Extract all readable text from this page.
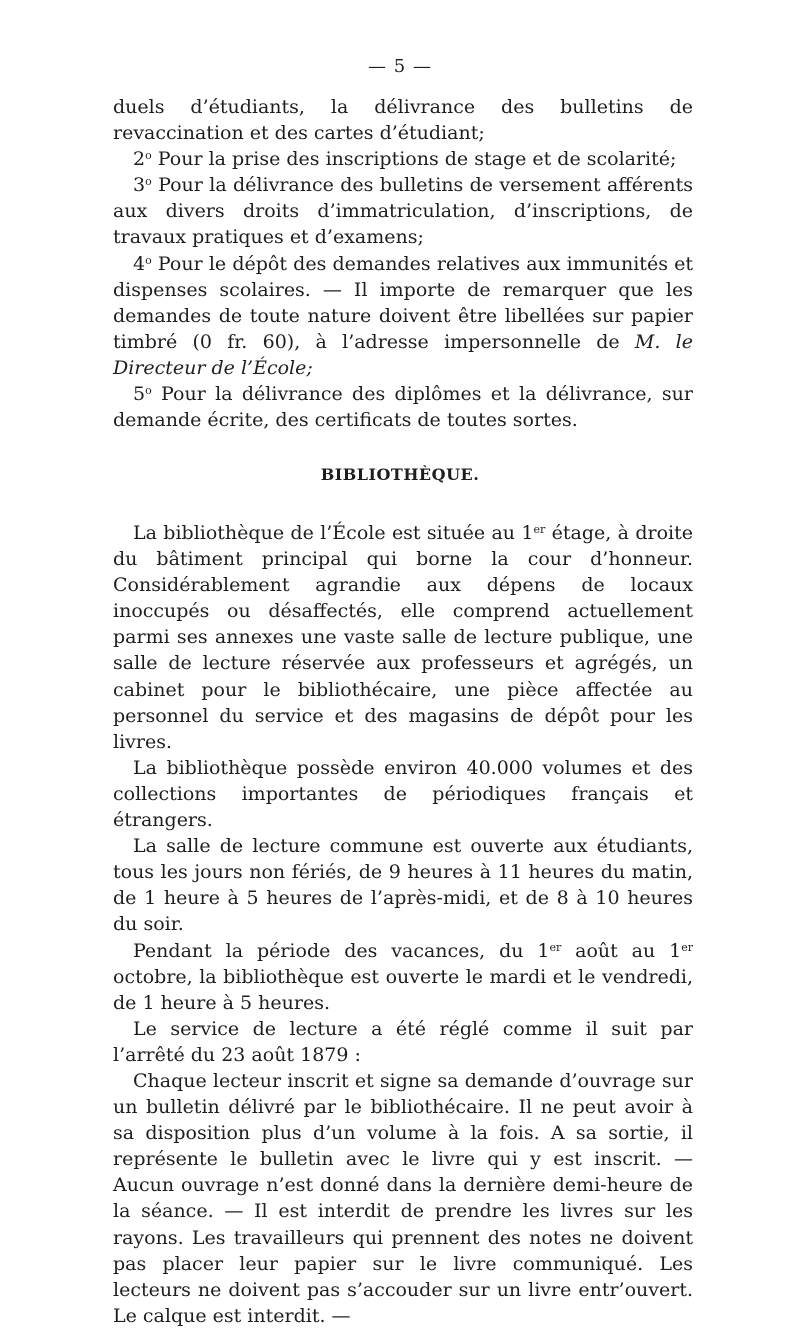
— 5 —

duels d’étudiants, la délivrance des bulletins de revaccination et des cartes d’étudiant;

2$^o$ Pour la prise des inscriptions de stage et de scolarité;

3$^o$ Pour la délivrance des bulletins de versement afférents aux divers droits d’immatriculation, d’inscriptions, de travaux pratiques et d’examens;

4$^o$ Pour le dépôt des demandes relatives aux immunités et dispenses scolaires. — Il importe de remarquer que les demandes de toute nature doivent être libellées sur papier timbré (0 fr. 60), à l’adresse impersonnelle de M. le Directeur de l’École;

5$^o$ Pour la délivrance des diplômes et la délivrance, sur demande écrite, des certificats de toutes sortes.

BIBLIOTHÈQUE.

La bibliothèque de l’École est située au 1er étage, à droite du bâtiment principal qui borne la cour d’honneur. Considérablement agrandie aux dépens de locaux inoccupés ou désaffectés, elle comprend actuellement parmi ses annexes une vaste salle de lecture publique, une salle de lecture réservée aux professeurs et agrégés, un cabinet pour le bibliothécaire, une pièce affectée au personnel du service et des magasins de dépôt pour les livres.

La bibliothèque possède environ 40.000 volumes et des collections importantes de périodiques français et étrangers.

La salle de lecture commune est ouverte aux étudiants, tous les jours non fériés, de 9 heures à 11 heures du matin, de 1 heure à 5 heures de l’après-midi, et de 8 à 10 heures du soir.

Pendant la période des vacances, du 1er août au 1er octobre, la bibliothèque est ouverte le mardi et le vendredi, de 1 heure à 5 heures.

Le service de lecture a été réglé comme il suit par l’arrêté du 23 août 1879 :

Chaque lecteur inscrit et signe sa demande d’ouvrage sur un bulletin délivré par le bibliothécaire. Il ne peut avoir à sa disposition plus d’un volume à la fois. A sa sortie, il représente le bulletin avec le livre qui y est inscrit. — Aucun ouvrage n’est donné dans la dernière demi-heure de la séance. — Il est interdit de prendre les livres sur les rayons. Les travailleurs qui prennent des notes ne doivent pas placer leur papier sur le livre communiqué. Les lecteurs ne doivent pas s’accouder sur un livre entr’ouvert. Le calque est interdit. —
